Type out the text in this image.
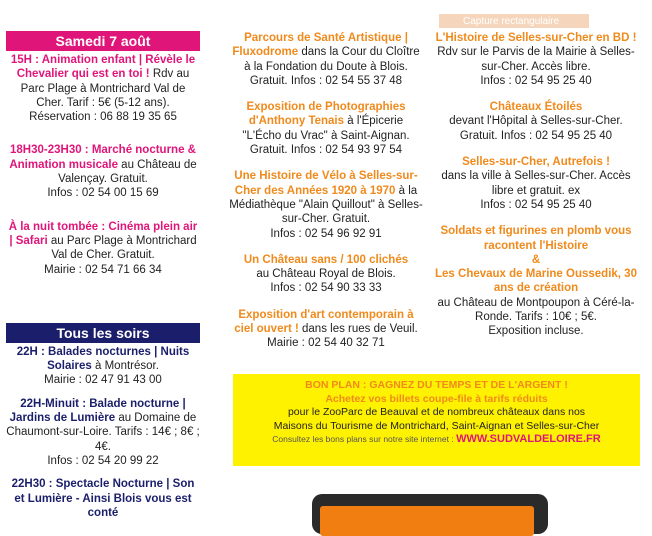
Samedi 7 août

15H : Animation enfant | Révèle le Chevalier qui est en toi ! Rdv au Parc Plage à Montrichard Val de Cher. Tarif : 5€ (5-12 ans).
Réservation : 06 88 19 35 65

18H30-23H30 : Marché nocturne & Animation musicale au Château de Valençay. Gratuit.
Infos : 02 54 00 15 69

À la nuit tombée : Cinéma plein air | Safari au Parc Plage à Montrichard Val de Cher. Gratuit.
Mairie : 02 54 71 66 34

Tous les soirs

22H : Balades nocturnes | Nuits Solaires à Montrésor.
Mairie : 02 47 91 43 00

22H-Minuit : Balade nocturne | Jardins de Lumière au Domaine de Chaumont-sur-Loire. Tarifs : 14€ ; 8€ ; 4€.
Infos : 02 54 20 99 22

22H30 : Spectacle Nocturne | Son et Lumière - Ainsi Blois vous est conté

Parcours de Santé Artistique | Fluxodrome dans la Cour du Cloître à la Fondation du Doute à Blois. Gratuit. Infos : 02 54 55 37 48

Exposition de Photographies d'Anthony Tenais à l'Épicerie "L'Écho du Vrac" à Saint-Aignan. Gratuit. Infos : 02 54 93 97 54

Une Histoire de Vélo à Selles-sur-Cher des Années 1920 à 1970 à la Médiathèque "Alain Quillout" à Selles-sur-Cher. Gratuit.
Infos : 02 54 96 92 91

Un Château sans / 100 clichés
au Château Royal de Blois.
Infos : 02 54 90 33 33

Exposition d'art contemporain à ciel ouvert ! dans les rues de Veuil.
Mairie : 02 54 40 32 71

Capture rectangulaire

L'Histoire de Selles-sur-Cher en BD !
Rdv sur le Parvis de la Mairie à Selles-sur-Cher. Accès libre.
Infos : 02 54 95 25 40

Châteaux Étoilés
devant l'Hôpital à Selles-sur-Cher. Gratuit. Infos : 02 54 95 25 40

Selles-sur-Cher, Autrefois !
dans la ville à Selles-sur-Cher. Accès libre et gratuit. ex
Infos : 02 54 95 25 40

Soldats et figurines en plomb vous racontent l'Histoire
&
Les Chevaux de Marine Oussedik, 30 ans de création
au Château de Montpoupon à Céré-la-Ronde. Tarifs : 10€ ; 5€.
Exposition incluse.

BON PLAN : GAGNEZ DU TEMPS ET DE L'ARGENT !
Achetez vos billets coupe-file à tarifs réduits
pour le ZooParc de Beauval et de nombreux châteaux dans nos
Maisons du Tourisme de Montrichard, Saint-Aignan et Selles-sur-Cher
Consultez les bons plans sur notre site internet : WWW.SUDVALDELOIRE.FR
